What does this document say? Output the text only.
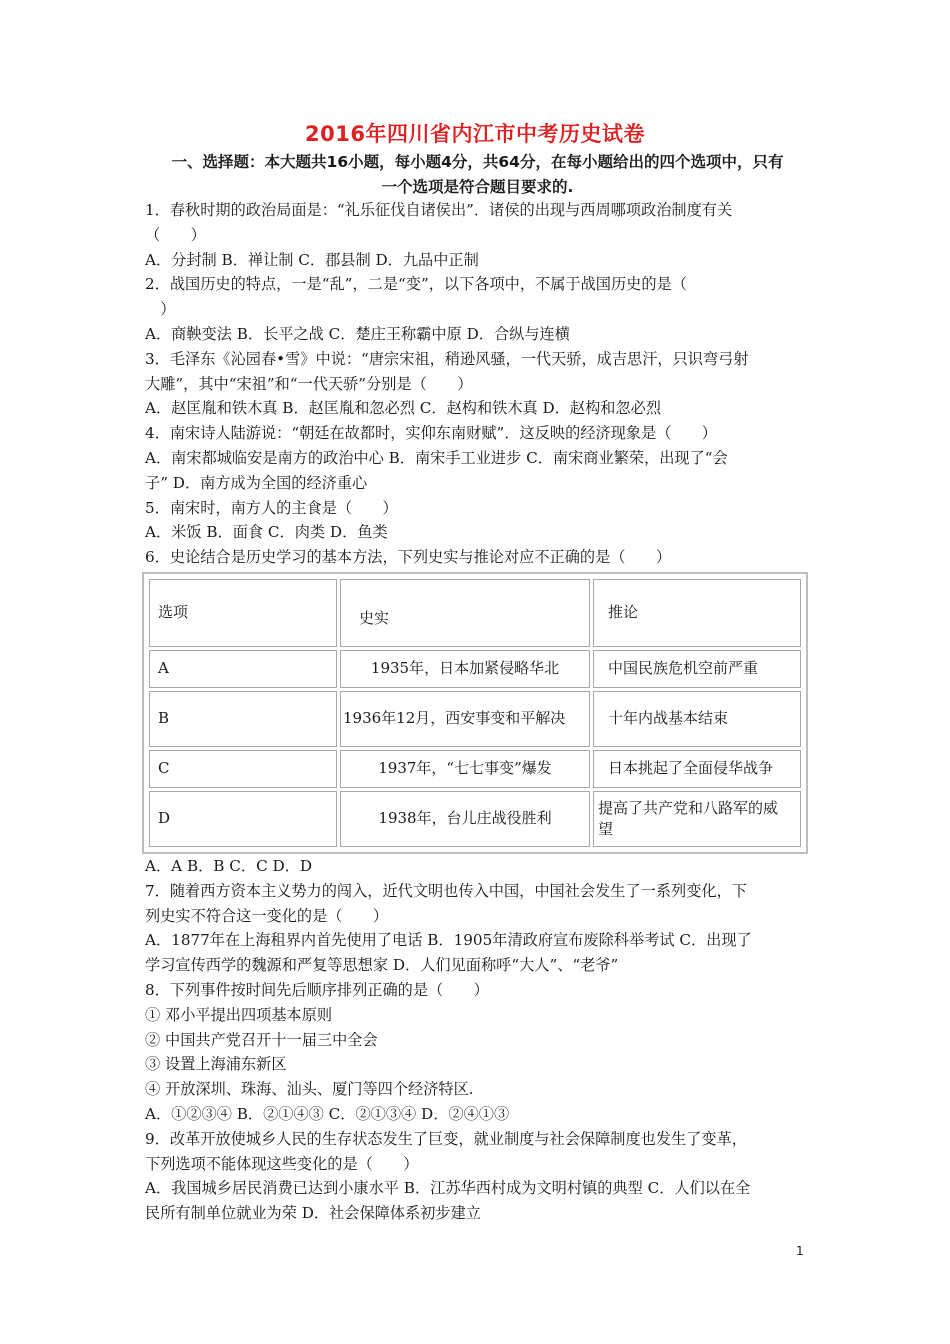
2016年四川省内江市中考历史试卷
一、选择题：本大题共16小题，每小题4分，共64分，在每小题给出的四个选项中，只有
一个选项是符合题目要求的.
1．春秋时期的政治局面是：“礼乐征伐自诸侯出”．诸侯的出现与西周哪项政治制度有关
（　　）
A．分封制 B．禅让制 C．郡县制 D．九品中正制
2．战国历史的特点，一是“乱”，二是“变”，以下各项中，不属于战国历史的是（
　）
A．商鞅变法 B．长平之战 C．楚庄王称霸中原 D．合纵与连横
3．毛泽东《沁园春•雪》中说：“唐宗宋祖，稍逊风骚，一代天骄，成吉思汗，只识弯弓射
大雕”，其中“宋祖”和“一代天骄”分别是（　　）
A．赵匡胤和铁木真 B．赵匡胤和忽必烈 C．赵构和铁木真 D．赵构和忽必烈
4．南宋诗人陆游说：“朝廷在故都时，实仰东南财赋”．这反映的经济现象是（　　）
A．南宋都城临安是南方的政治中心 B．南宋手工业进步 C．南宋商业繁荣，出现了“会
子” D．南方成为全国的经济重心
5．南宋时，南方人的主食是（　　）
A．米饭 B．面食 C．肉类 D．鱼类
6．史论结合是历史学习的基本方法，下列史实与推论对应不正确的是（　　）
选项	史实	推论
A	1935年，日本加紧侵略华北	中国民族危机空前严重
B	1936年12月，西安事变和平解决	十年内战基本结束
C	1937年，“七七事变”爆发	日本挑起了全面侵华战争
D	1938年，台儿庄战役胜利	提高了共产党和八路军的威望
A．A B．B C．C D．D
7．随着西方资本主义势力的闯入，近代文明也传入中国，中国社会发生了一系列变化，下
列史实不符合这一变化的是（　　）
A．1877年在上海租界内首先使用了电话 B．1905年清政府宣布废除科举考试 C．出现了
学习宣传西学的魏源和严复等思想家 D．人们见面称呼“大人”、“老爷”
8．下列事件按时间先后顺序排列正确的是（　　）
① 邓小平提出四项基本原则
② 中国共产党召开十一届三中全会
③ 设置上海浦东新区
④ 开放深圳、珠海、汕头、厦门等四个经济特区.
A．①②③④ B．②①④③ C．②①③④ D．②④①③
9．改革开放使城乡人民的生存状态发生了巨变，就业制度与社会保障制度也发生了变革，
下列选项不能体现这些变化的是（　　）
A．我国城乡居民消费已达到小康水平 B．江苏华西村成为文明村镇的典型 C．人们以在全
民所有制单位就业为荣 D．社会保障体系初步建立
1
